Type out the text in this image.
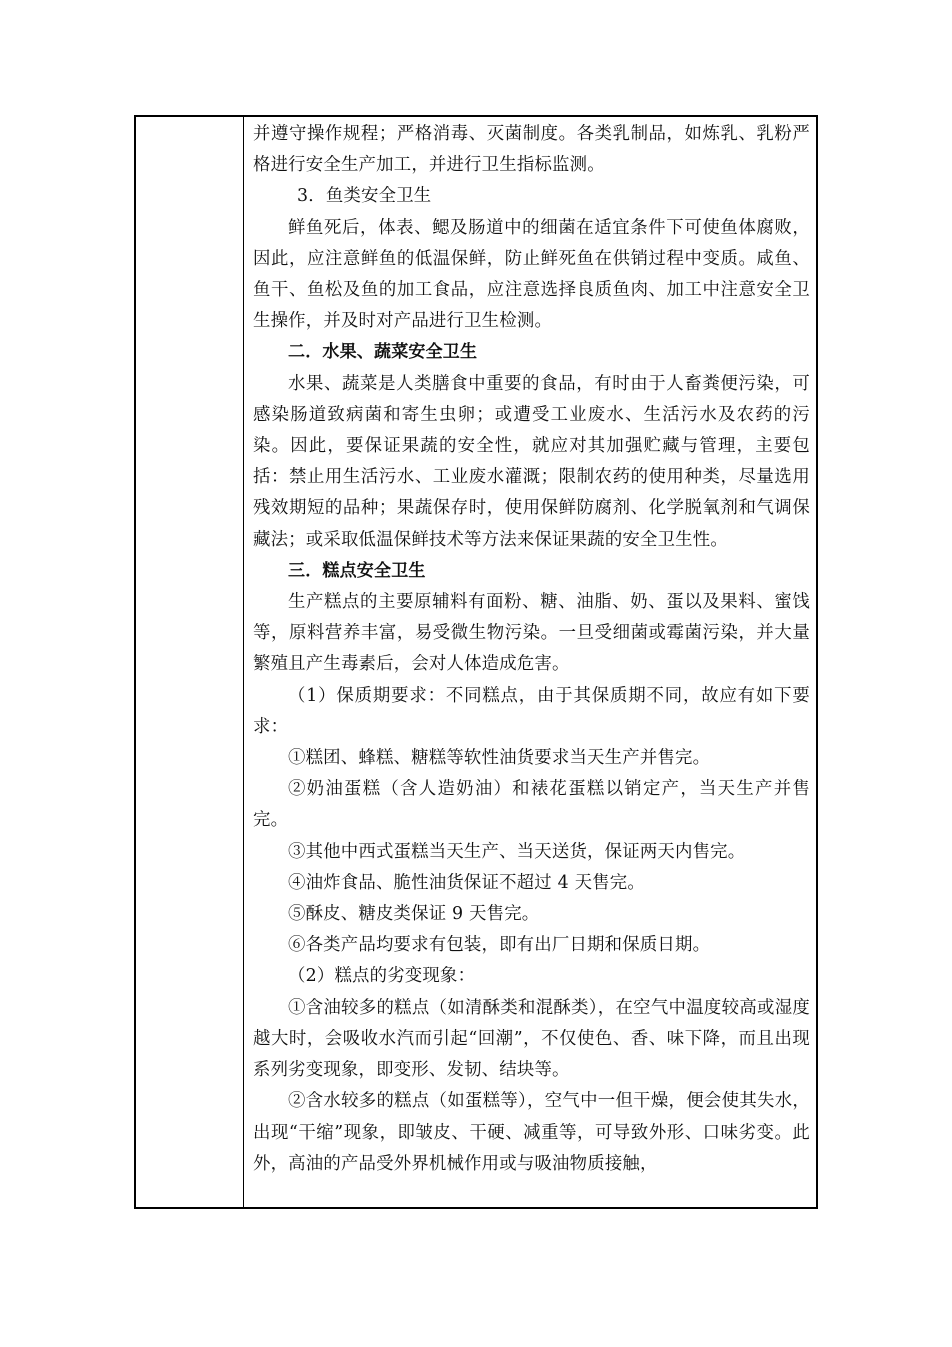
并遵守操作规程；严格消毒、灭菌制度。各类乳制品，如炼乳、乳粉严格进行安全生产加工，并进行卫生指标监测。

3．鱼类安全卫生

鲜鱼死后，体表、鳃及肠道中的细菌在适宜条件下可使鱼体腐败，因此，应注意鲜鱼的低温保鲜，防止鲜死鱼在供销过程中变质。咸鱼、鱼干、鱼松及鱼的加工食品，应注意选择良质鱼肉、加工中注意安全卫生操作，并及时对产品进行卫生检测。

二．水果、蔬菜安全卫生

水果、蔬菜是人类膳食中重要的食品，有时由于人畜粪便污染，可感染肠道致病菌和寄生虫卵；或遭受工业废水、生活污水及农药的污染。因此，要保证果蔬的安全性，就应对其加强贮藏与管理，主要包括：禁止用生活污水、工业废水灌溉；限制农药的使用种类，尽量选用残效期短的品种；果蔬保存时，使用保鲜防腐剂、化学脱氧剂和气调保藏法；或采取低温保鲜技术等方法来保证果蔬的安全卫生性。

三．糕点安全卫生

生产糕点的主要原辅料有面粉、糖、油脂、奶、蛋以及果料、蜜饯等，原料营养丰富，易受微生物污染。一旦受细菌或霉菌污染，并大量繁殖且产生毒素后，会对人体造成危害。

（1）保质期要求：不同糕点，由于其保质期不同，故应有如下要求：

①糕团、蜂糕、糖糕等软性油货要求当天生产并售完。

②奶油蛋糕（含人造奶油）和裱花蛋糕以销定产，当天生产并售完。

③其他中西式蛋糕当天生产、当天送货，保证两天内售完。

④油炸食品、脆性油货保证不超过 4 天售完。

⑤酥皮、糖皮类保证 9 天售完。

⑥各类产品均要求有包装，即有出厂日期和保质日期。

（2）糕点的劣变现象：

①含油较多的糕点（如清酥类和混酥类），在空气中温度较高或湿度越大时，会吸收水汽而引起“回潮”，不仅使色、香、味下降，而且出现系列劣变现象，即变形、发韧、结块等。

②含水较多的糕点（如蛋糕等），空气中一但干燥，便会使其失水，出现“干缩”现象，即皱皮、干硬、减重等，可导致外形、口味劣变。此外，高油的产品受外界机械作用或与吸油物质接触，
